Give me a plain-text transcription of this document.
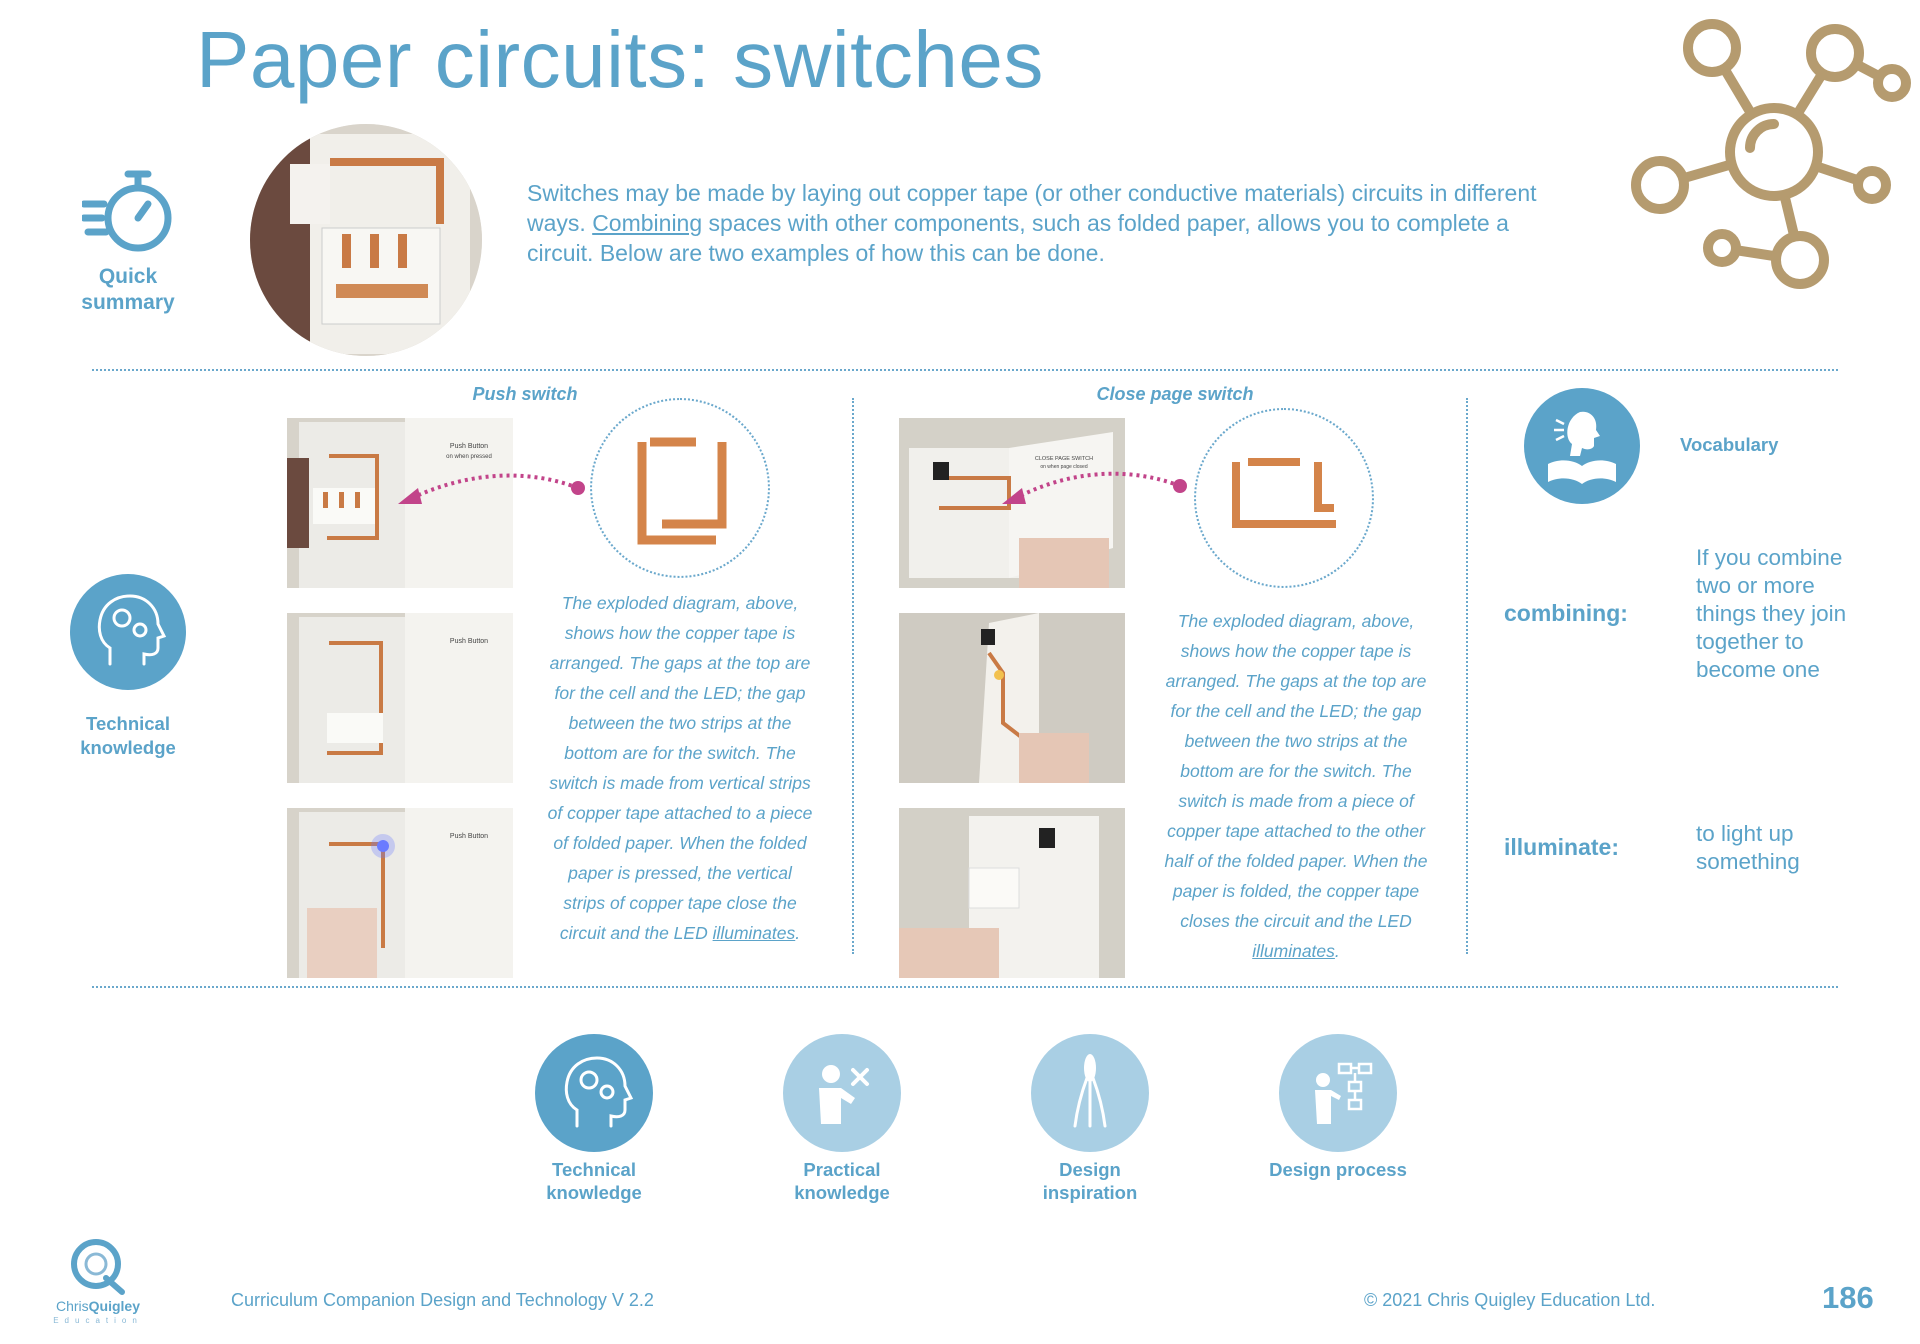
Paper circuits: switches
Quick summary
Switches may be made by laying out copper tape (or other conductive materials) circuits in different ways. Combining spaces with other components, such as folded paper, allows you to complete a circuit. Below are two examples of how this can be done.
Technical knowledge
Push switch
Push Button
on when pressed
Push Button
Push Button
The exploded diagram, above, shows how the copper tape is arranged. The gaps at the top are for the cell and the LED; the gap between the two strips at the bottom are for the switch. The switch is made from vertical strips of copper tape attached to a piece of folded paper. When the folded paper is pressed, the vertical strips of copper tape close the circuit and the LED illuminates.
Close page switch
CLOSE PAGE SWITCH
on when page closed
The exploded diagram, above, shows how the copper tape is arranged. The gaps at the top are for the cell and the LED; the gap between the two strips at the bottom are for the switch. The switch is made from a piece of copper tape attached to the other half of the folded paper. When the paper is folded, the copper tape closes the circuit and the LED illuminates.
Vocabulary
combining:
If you combine two or more things they join together to become one
illuminate:
to light up something
Technical knowledge
Practical knowledge
Design inspiration
Design process
ChrisQuigley
Education
Curriculum Companion Design and Technology V 2.2	© 2021 Chris Quigley Education Ltd.	186
